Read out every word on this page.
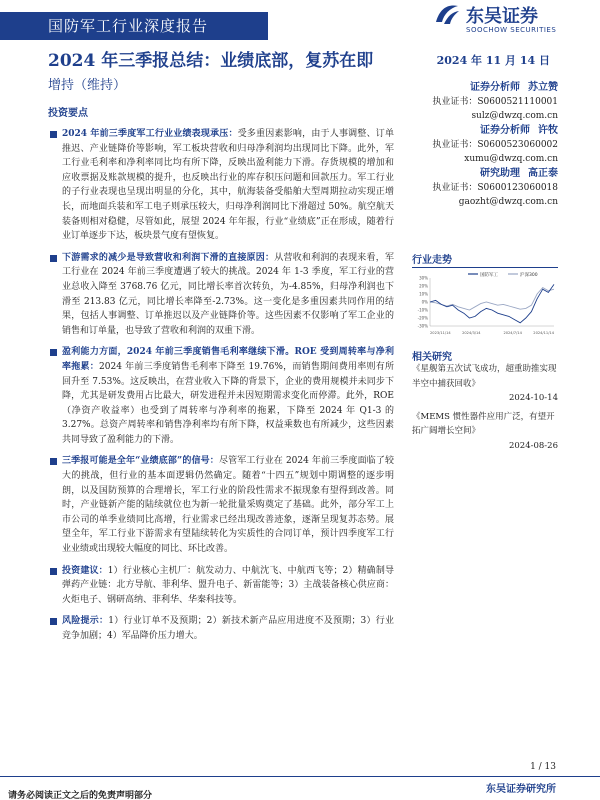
国防军工行业深度报告	东吴证券
SOOCHOW SECURITIES
2024 年三季报总结：业绩底部，复苏在即	2024 年 11 月 14 日
增持（维持）
投资要点
2024 年前三季度军工行业业绩表现承压：受多重因素影响，由于人事调整、订单推迟、产业链降价等影响，军工板块营收和归母净利润均出现同比下降。此外，军工行业毛利率和净利率同比均有所下降，反映出盈利能力下滑。存货规模的增加和应收票据及账款规模的提升，也反映出行业的库存积压问题和回款压力。军工行业的子行业表现也呈现出明显的分化，其中，航海装备受船舶大型周期拉动实现正增长，而地面兵装和军工电子则承压较大，归母净利润同比下滑超过 50%。航空航天装备则相对稳健，尽管如此，展望 2024 年年报，行业“业绩底”正在形成，随着行业订单逐步下达，板块景气度有望恢复。
下游需求的减少是导致营收和利润下滑的直接原因：从营收和利润的表现来看，军工行业在 2024 年前三季度遭遇了较大的挑战。2024 年 1-3 季度，军工行业的营业总收入降至 3768.76 亿元，同比增长率首次转负，为-4.85%，归母净利润也下滑至 213.83 亿元，同比增长率降至-2.73%。这一变化是多重因素共同作用的结果，包括人事调整、订单推迟以及产业链降价等。这些因素不仅影响了军工企业的销售和订单量，也导致了营收和利润的双重下滑。
盈利能力方面，2024 年前三季度销售毛利率继续下滑。ROE 受到周转率与净利率拖累：2024 年前三季度销售毛利率下降至 19.76%，而销售期间费用率则有所回升至 7.53%。这反映出，在营业收入下降的背景下，企业的费用规模并未同步下降，尤其是研发费用占比最大，研发进程并未因短期需求变化而停滞。此外，ROE（净资产收益率）也受到了周转率与净利率的拖累，下降至 2024 年 Q1-3 的 3.27%。总资产周转率和销售净利率均有所下降，权益乘数也有所减少，这些因素共同导致了盈利能力的下滑。
三季报可能是全年“业绩底部”的信号：尽管军工行业在 2024 年前三季度面临了较大的挑战，但行业的基本面逻辑仍然确定。随着“十四五”规划中期调整的逐步明朗，以及国防预算的合理增长，军工行业的阶段性需求不振现象有望得到改善。同时，产业链新产能的陆续就位也为新一轮批量采购奠定了基础。此外，部分军工上市公司的单季业绩同比高增，行业需求已经出现改善迹象，逐渐呈现复苏态势。展望全年，军工行业下游需求有望陆续转化为实质性的合同订单，预计四季度军工行业业绩或出现较大幅度的同比、环比改善。
投资建议：1）行业核心主机厂：航发动力、中航沈飞、中航西飞等；2）精确制导弹药产业链：北方导航、菲利华、盟升电子、新雷能等；3）主战装备核心供应商：火炬电子、钢研高纳、菲利华、华秦科技等。
风险提示：1）行业订单不及预期；2）新技术新产品应用进度不及预期；3）行业竞争加剧；4）军品降价压力增大。
证券分析师 苏立赞
执业证书：S0600521110001
sulz@dwzq.com.cn
证券分析师 许牧
执业证书：S0600523060002
xumu@dwzq.com.cn
研究助理 高正泰
执业证书：S0600123060018
gaozht@dwzq.com.cn
行业走势
国防军工	沪深300
30%
20%
10%
0%
-10%
-20%
-30%
2023/11/14	2024/3/14	2024/7/14	2024/11/14
相关研究
《星舰第五次试飞成功，超重助推实现半空中捕获回收》
2024-10-14
《MEMS 惯性器件应用广泛，有望开拓广阔增长空间》
2024-08-26
1 / 13
东吴证券研究所
请务必阅读正文之后的免责声明部分
